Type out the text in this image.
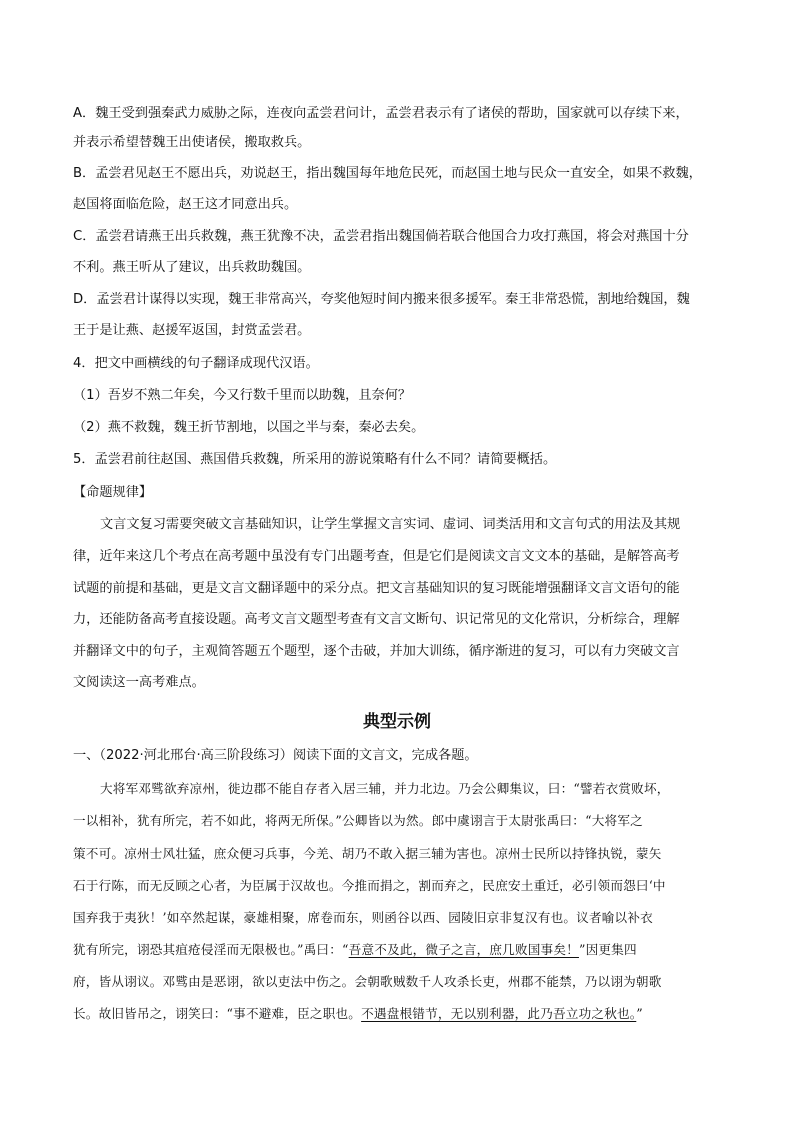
A．魏王受到强秦武力威胁之际，连夜向孟尝君问计，孟尝君表示有了诸侯的帮助，国家就可以存续下来，
并表示希望替魏王出使诸侯，搬取救兵。
B．孟尝君见赵王不愿出兵，劝说赵王，指出魏国每年地危民死，而赵国土地与民众一直安全，如果不救魏，
赵国将面临危险，赵王这才同意出兵。
C．孟尝君请燕王出兵救魏，燕王犹豫不决，孟尝君指出魏国倘若联合他国合力攻打燕国，将会对燕国十分
不利。燕王听从了建议，出兵救助魏国。
D．孟尝君计谋得以实现，魏王非常高兴，夸奖他短时间内搬来很多援军。秦王非常恐慌，割地给魏国，魏
王于是让燕、赵援军返国，封赏孟尝君。
4．把文中画横线的句子翻译成现代汉语。
（1）吾岁不熟二年矣，今又行数千里而以助魏，且奈何？
（2）燕不救魏，魏王折节割地，以国之半与秦，秦必去矣。
5．孟尝君前往赵国、燕国借兵救魏，所采用的游说策略有什么不同？请简要概括。
【命题规律】
文言文复习需要突破文言基础知识，让学生掌握文言实词、虚词、词类活用和文言句式的用法及其规
律，近年来这几个考点在高考题中虽没有专门出题考查，但是它们是阅读文言文文本的基础，是解答高考
试题的前提和基础，更是文言文翻译题中的采分点。把文言基础知识的复习既能增强翻译文言文语句的能
力，还能防备高考直接设题。高考文言文题型考查有文言文断句、识记常见的文化常识，分析综合，理解
并翻译文中的句子，主观简答题五个题型，逐个击破，并加大训练，循序渐进的复习，可以有力突破文言
文阅读这一高考难点。
典型示例
一、（2022·河北邢台·高三阶段练习）阅读下面的文言文，完成各题。
大将军邓骘欲弃凉州，徙边郡不能自存者入居三辅，并力北边。乃会公卿集议，曰：“譬若衣赏败坏，
一以相补，犹有所完，若不如此，将两无所保。”公卿皆以为然。郎中虞诩言于太尉张禹曰：“大将军之
策不可。凉州士风壮猛，庶众便习兵事，今羌、胡乃不敢入据三辅为害也。凉州士民所以持锋执锐，蒙矢
石于行陈，而无反顾之心者，为臣属于汉故也。今推而捐之，割而弃之，民庶安土重迁，必引领而怨曰‘中
国弃我于夷狄！’如卒然起谋，豪雄相聚，席卷而东，则函谷以西、园陵旧京非复汉有也。议者喻以补衣
犹有所完，诩恐其疽疮侵淫而无限极也。”禹曰：“吾意不及此，微子之言，庶几败国事矣！”因更集四
府，皆从诩议。邓骘由是恶诩，欲以吏法中伤之。会朝歌贼数千人攻杀长吏，州郡不能禁，乃以诩为朝歌
长。故旧皆吊之，诩笑曰：“事不避难，臣之职也。不遇盘根错节，无以别利器，此乃吾立功之秋也。”
